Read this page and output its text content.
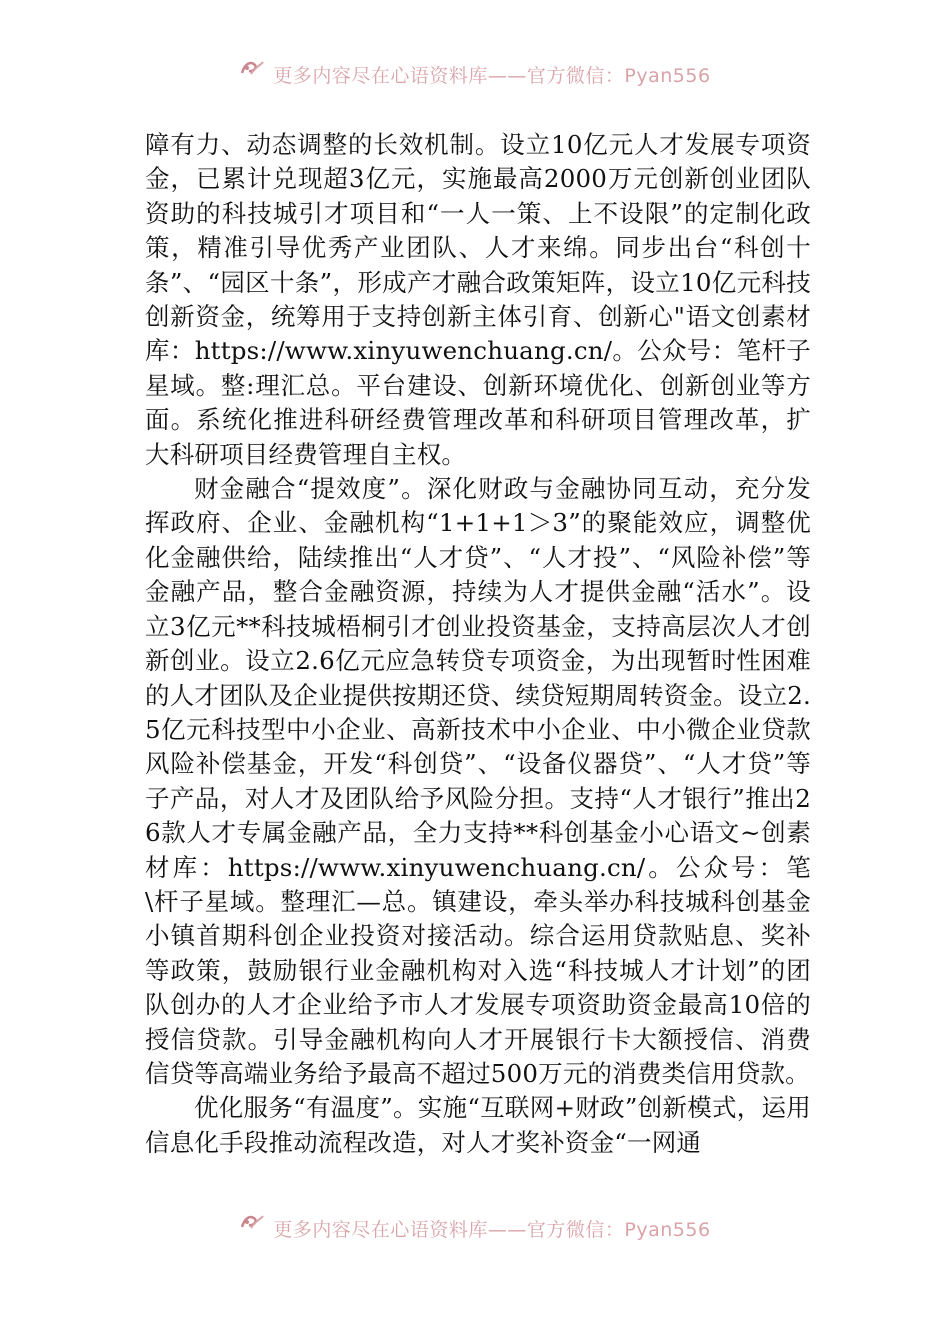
更多内容尽在心语资料库——官方微信：Pyan556

障有力、动态调整的长效机制。设立10亿元人才发展专项资金，已累计兑现超3亿元，实施最高2000万元创新创业团队资助的科技城引才项目和“一人一策、上不设限”的定制化政策，精准引导优秀产业团队、人才来绵。同步出台“科创十条”、“园区十条”，形成产才融合政策矩阵，设立10亿元科技创新资金，统筹用于支持创新主体引育、创新心"语文创素材库：https://www.xinyuwenchuang.cn/。公众号：笔杆子星域。整:理汇总。平台建设、创新环境优化、创新创业等方面。系统化推进科研经费管理改革和科研项目管理改革，扩大科研项目经费管理自主权。

财金融合“提效度”。深化财政与金融协同互动，充分发挥政府、企业、金融机构“1+1+1＞3”的聚能效应，调整优化金融供给，陆续推出“人才贷”、“人才投”、“风险补偿”等金融产品，整合金融资源，持续为人才提供金融“活水”。设立3亿元**科技城梧桐引才创业投资基金，支持高层次人才创新创业。设立2.6亿元应急转贷专项资金，为出现暂时性困难的人才团队及企业提供按期还贷、续贷短期周转资金。设立2.5亿元科技型中小企业、高新技术中小企业、中小微企业贷款风险补偿基金，开发“科创贷”、“设备仪器贷”、“人才贷”等子产品，对人才及团队给予风险分担。支持“人才银行”推出26款人才专属金融产品，全力支持**科创基金小心语文~创素材库：https://www.xinyuwenchuang.cn/。公众号：笔\杆子星域。整理汇—总。镇建设，牵头举办科技城科创基金小镇首期科创企业投资对接活动。综合运用贷款贴息、奖补等政策，鼓励银行业金融机构对入选“科技城人才计划”的团队创办的人才企业给予市人才发展专项资助资金最高10倍的授信贷款。引导金融机构向人才开展银行卡大额授信、消费信贷等高端业务给予最高不超过500万元的消费类信用贷款。

优化服务“有温度”。实施“互联网+财政”创新模式，运用信息化手段推动流程改造，对人才奖补资金“一网通

更多内容尽在心语资料库——官方微信：Pyan556
